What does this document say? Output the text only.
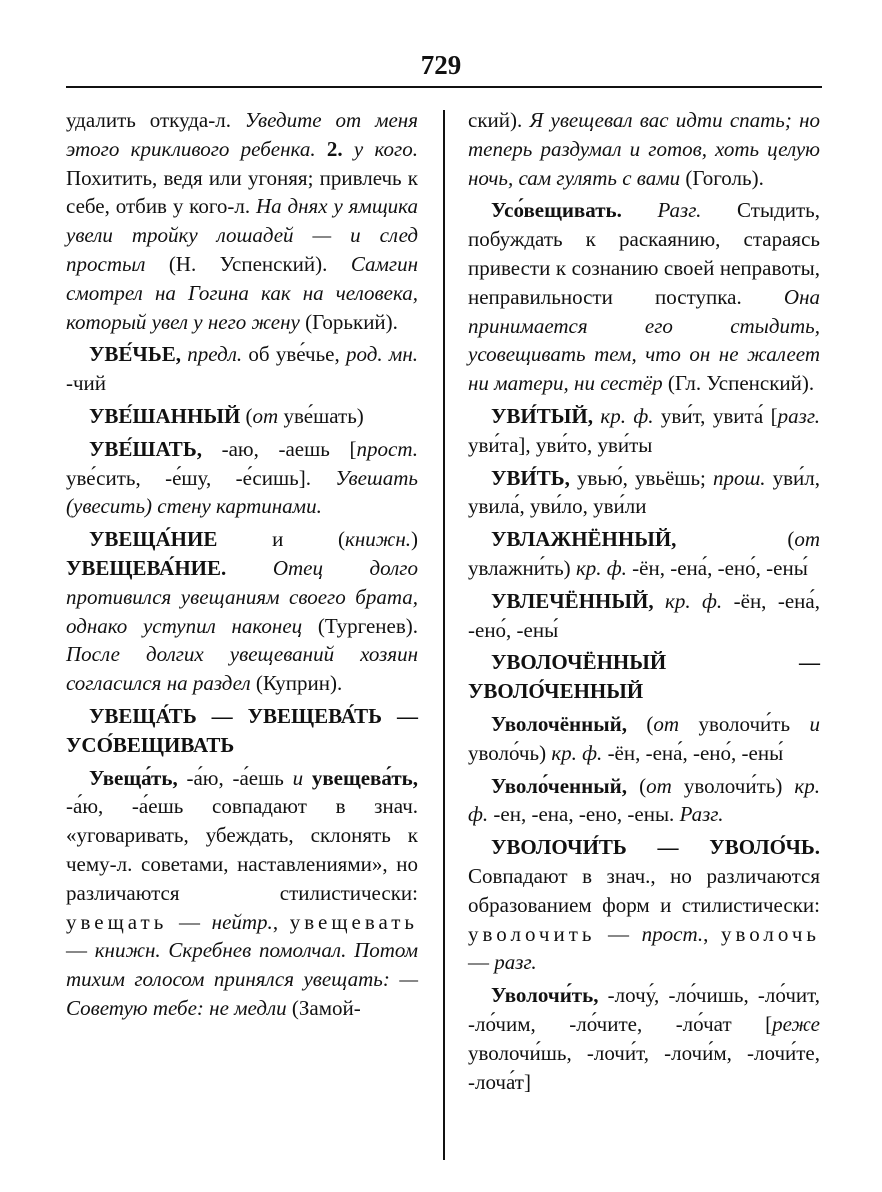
729

удалить откуда-л. Уведите от меня этого крикливого ребенка. 2. у кого. Похитить, ведя или угоняя; привлечь к себе, отбив у кого-л. На днях у ямщика увели тройку лошадей — и след простыл (Н. Успенский). Самгин смотрел на Гогина как на человека, который увел у него жену (Горький).

УВЕ́ЧЬЕ, предл. об уве́чье, род. мн. -чий

УВЕ́ШАННЫЙ (от уве́шать)

УВЕ́ШАТЬ, -аю, -аешь [прост. уве́сить, -е́шу, -е́сишь]. Увешать (увесить) стену картинами.

УВЕЩА́НИЕ и (книжн.) УВЕЩЕВА́НИЕ. Отец долго противился увещаниям своего брата, однако уступил наконец (Тургенев). После долгих увещеваний хозяин согласился на раздел (Куприн).

УВЕЩА́ТЬ — УВЕЩЕВА́ТЬ — УСО́ВЕЩИВАТЬ

Увеща́ть, -а́ю, -а́ешь и увещева́ть, -а́ю, -а́ешь совпадают в знач. «уговаривать, убеждать, склонять к чему-л. советами, наставлениями», но различаются стилистически: увещать — нейтр., увещевать — книжн. Скребнев помолчал. Потом тихим голосом принялся увещать: — Советую тебе: не медли (Замой-

ский). Я увещевал вас идти спать; но теперь раздумал и готов, хоть целую ночь, сам гулять с вами (Гоголь).

Усо́вещивать. Разг. Стыдить, побуждать к раскаянию, стараясь привести к сознанию своей неправоты, неправильности поступка. Она принимается его стыдить, усовещивать тем, что он не жалеет ни матери, ни сестёр (Гл. Успенский).

УВИ́ТЫЙ, кр. ф. уви́т, увита́ [разг. уви́та], уви́то, уви́ты

УВИ́ТЬ, увью́, увьёшь; прош. уви́л, увила́, уви́ло, уви́ли

УВЛАЖНЁННЫЙ, (от увлажни́ть) кр. ф. -ён, -ена́, -ено́, -ены́

УВЛЕЧЁННЫЙ, кр. ф. -ён, -ена́, -ено́, -ены́

УВОЛОЧЁННЫЙ — УВОЛО́ЧЕННЫЙ

Уволочённый, (от уволочи́ть и уволо́чь) кр. ф. -ён, -ена́, -ено́, -ены́

Уволо́ченный, (от уволочи́ть) кр. ф. -ен, -ена, -ено, -ены. Разг.

УВОЛОЧИ́ТЬ — УВОЛО́ЧЬ. Совпадают в знач., но различаются образованием форм и стилистически: уволочить — прост., уволочь — разг.

Уволочи́ть, -лочу́, -ло́чишь, -ло́чит, -ло́чим, -ло́чите, -ло́чат [реже уволочи́шь, -лочи́т, -лочи́м, -лочи́те, -лоча́т]
